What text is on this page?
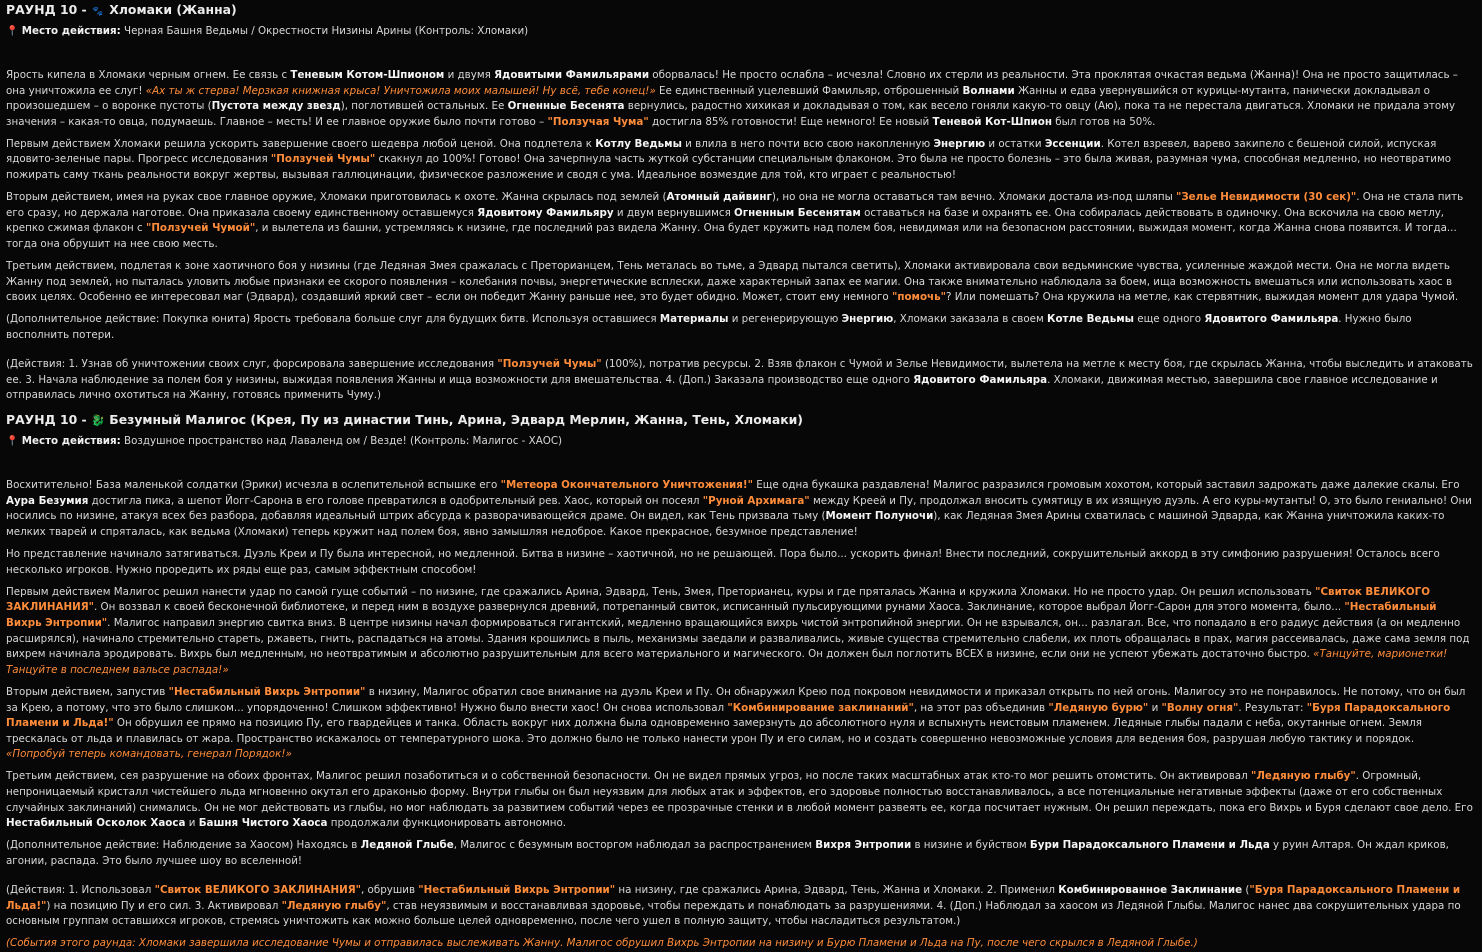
РАУНД 10 - 🐾 Хломаки (Жанна)
📍 Место действия: Черная Башня Ведьмы / Окрестности Низины Арины (Контроль: Хломаки)

Ярость кипела в Хломаки черным огнем. Ее связь с Теневым Котом-Шпионом и двумя Ядовитыми Фамильярами оборвалась! Не просто ослабла – исчезла! Словно их стерли из реальности. Эта проклятая очкастая ведьма (Жанна)! Она не просто защитилась – она уничтожила ее слуг! «Ах ты ж стерва! Мерзкая книжная крыса! Уничтожила моих малышей! Ну всё, тебе конец!» Ее единственный уцелевший Фамильяр, отброшенный Волнами Жанны и едва увернувшийся от курицы-мутанта, панически докладывал о произошедшем – о воронке пустоты (Пустота между звезд), поглотившей остальных. Ее Огненные Бесенята вернулись, радостно хихикая и докладывая о том, как весело гоняли какую-то овцу (Аю), пока та не перестала двигаться. Хломаки не придала этому значения – какая-то овца, подумаешь. Главное – месть! И ее главное оружие было почти готово – "Ползучая Чума" достигла 85% готовности! Еще немного! Ее новый Теневой Кот-Шпион был готов на 50%.

Первым действием Хломаки решила ускорить завершение своего шедевра любой ценой. Она подлетела к Котлу Ведьмы и влила в него почти всю свою накопленную Энергию и остатки Эссенции. Котел взревел, варево закипело с бешеной силой, испуская ядовито-зеленые пары. Прогресс исследования "Ползучей Чумы" скакнул до 100%! Готово! Она зачерпнула часть жуткой субстанции специальным флаконом. Это была не просто болезнь – это была живая, разумная чума, способная медленно, но неотвратимо пожирать саму ткань реальности вокруг жертвы, вызывая галлюцинации, физическое разложение и сводя с ума. Идеальное возмездие для той, кто играет с реальностью!

Вторым действием, имея на руках свое главное оружие, Хломаки приготовилась к охоте. Жанна скрылась под землей (Атомный дайвинг), но она не могла оставаться там вечно. Хломаки достала из-под шляпы "Зелье Невидимости (30 сек)". Она не стала пить его сразу, но держала наготове. Она приказала своему единственному оставшемуся Ядовитому Фамильяру и двум вернувшимся Огненным Бесенятам оставаться на базе и охранять ее. Она собиралась действовать в одиночку. Она вскочила на свою метлу, крепко сжимая флакон с "Ползучей Чумой", и вылетела из башни, устремляясь к низине, где последний раз видела Жанну. Она будет кружить над полем боя, невидимая или на безопасном расстоянии, выжидая момент, когда Жанна снова появится. И тогда... тогда она обрушит на нее свою месть.

Третьим действием, подлетая к зоне хаотичного боя у низины (где Ледяная Змея сражалась с Преторианцем, Тень металась во тьме, а Эдвард пытался светить), Хломаки активировала свои ведьминские чувства, усиленные жаждой мести. Она не могла видеть Жанну под землей, но пыталась уловить любые признаки ее скорого появления – колебания почвы, энергетические всплески, даже характерный запах ее магии. Она также внимательно наблюдала за боем, ища возможность вмешаться или использовать хаос в своих целях. Особенно ее интересовал маг (Эдвард), создавший яркий свет – если он победит Жанну раньше нее, это будет обидно. Может, стоит ему немного "помочь"? Или помешать? Она кружила на метле, как стервятник, выжидая момент для удара Чумой.

(Дополнительное действие: Покупка юнита) Ярость требовала больше слуг для будущих битв. Используя оставшиеся Материалы и регенерирующую Энергию, Хломаки заказала в своем Котле Ведьмы еще одного Ядовитого Фамильяра. Нужно было восполнить потери.

(Действия: 1. Узнав об уничтожении своих слуг, форсировала завершение исследования "Ползучей Чумы" (100%), потратив ресурсы. 2. Взяв флакон с Чумой и Зелье Невидимости, вылетела на метле к месту боя, где скрылась Жанна, чтобы выследить и атаковать ее. 3. Начала наблюдение за полем боя у низины, выжидая появления Жанны и ища возможности для вмешательства. 4. (Доп.) Заказала производство еще одного Ядовитого Фамильяра. Хломаки, движимая местью, завершила свое главное исследование и отправилась лично охотиться на Жанну, готовясь применить Чуму.)

РАУНД 10 - 🐉 Безумный Малигос (Крея, Пу из династии Тинь, Арина, Эдвард Мерлин, Жанна, Тень, Хломаки)
📍 Место действия: Воздушное пространство над Лаваленд ом / Везде! (Контроль: Малигос - ХАОС)

Восхитительно! База маленькой солдатки (Эрики) исчезла в ослепительной вспышке его "Метеора Окончательного Уничтожения!" Еще одна букашка раздавлена! Малигос разразился громовым хохотом, который заставил задрожать даже далекие скалы. Его Аура Безумия достигла пика, а шепот Йогг-Сарона в его голове превратился в одобрительный рев. Хаос, который он посеял "Руной Архимага" между Креей и Пу, продолжал вносить сумятицу в их изящную дуэль. А его куры-мутанты! О, это было гениально! Они носились по низине, атакуя всех без разбора, добавляя идеальный штрих абсурда к разворачивающейся драме. Он видел, как Тень призвала тьму (Момент Полуночи), как Ледяная Змея Арины схватилась с машиной Эдварда, как Жанна уничтожила каких-то мелких тварей и спряталась, как ведьма (Хломаки) теперь кружит над полем боя, явно замышляя недоброе. Какое прекрасное, безумное представление!

Но представление начинало затягиваться. Дуэль Креи и Пу была интересной, но медленной. Битва в низине – хаотичной, но не решающей. Пора было... ускорить финал! Внести последний, сокрушительный аккорд в эту симфонию разрушения! Осталось всего несколько игроков. Нужно проредить их ряды еще раз, самым эффектным способом!

Первым действием Малигос решил нанести удар по самой гуще событий – по низине, где сражались Арина, Эдвард, Тень, Змея, Преторианец, куры и где пряталась Жанна и кружила Хломаки. Но не просто удар. Он решил использовать "Свиток ВЕЛИКОГО ЗАКЛИНАНИЯ". Он воззвал к своей бесконечной библиотеке, и перед ним в воздухе развернулся древний, потрепанный свиток, исписанный пульсирующими рунами Хаоса. Заклинание, которое выбрал Йогг-Сарон для этого момента, было... "Нестабильный Вихрь Энтропии". Малигос направил энергию свитка вниз. В центре низины начал формироваться гигантский, медленно вращающийся вихрь чистой энтропийной энергии. Он не взрывался, он... разлагал. Все, что попадало в его радиус действия (а он медленно расширялся), начинало стремительно стареть, ржаветь, гнить, распадаться на атомы. Здания крошились в пыль, механизмы заедали и разваливались, живые существа стремительно слабели, их плоть обращалась в прах, магия рассеивалась, даже сама земля под вихрем начинала эродировать. Вихрь был медленным, но неотвратимым и абсолютно разрушительным для всего материального и магического. Он должен был поглотить ВСЕХ в низине, если они не успеют убежать достаточно быстро. «Танцуйте, марионетки! Танцуйте в последнем вальсе распада!»

Вторым действием, запустив "Нестабильный Вихрь Энтропии" в низину, Малигос обратил свое внимание на дуэль Креи и Пу. Он обнаружил Крею под покровом невидимости и приказал открыть по ней огонь. Малигосу это не понравилось. Не потому, что он был за Крею, а потому, что это было слишком... упорядоченно! Слишком эффективно! Нужно было внести хаос! Он снова использовал "Комбинирование заклинаний", на этот раз объединив "Ледяную бурю" и "Волну огня". Результат: "Буря Парадоксального Пламени и Льда!" Он обрушил ее прямо на позицию Пу, его гвардейцев и танка. Область вокруг них должна была одновременно замерзнуть до абсолютного нуля и вспыхнуть неистовым пламенем. Ледяные глыбы падали с неба, окутанные огнем. Земля трескалась от льда и плавилась от жара. Пространство искажалось от температурного шока. Это должно было не только нанести урон Пу и его силам, но и создать совершенно невозможные условия для ведения боя, разрушая любую тактику и порядок. «Попробуй теперь командовать, генерал Порядок!»

Третьим действием, сея разрушение на обоих фронтах, Малигос решил позаботиться и о собственной безопасности. Он не видел прямых угроз, но после таких масштабных атак кто-то мог решить отомстить. Он активировал "Ледяную глыбу". Огромный, непроницаемый кристалл чистейшего льда мгновенно окутал его драконью форму. Внутри глыбы он был неуязвим для любых атак и эффектов, его здоровье полностью восстанавливалось, а все потенциальные негативные эффекты (даже от его собственных случайных заклинаний) снимались. Он не мог действовать из глыбы, но мог наблюдать за развитием событий через ее прозрачные стенки и в любой момент развеять ее, когда посчитает нужным. Он решил переждать, пока его Вихрь и Буря сделают свое дело. Его Нестабильный Осколок Хаоса и Башня Чистого Хаоса продолжали функционировать автономно.

(Дополнительное действие: Наблюдение за Хаосом) Находясь в Ледяной Глыбе, Малигос с безумным восторгом наблюдал за распространением Вихря Энтропии в низине и буйством Бури Парадоксального Пламени и Льда у руин Алтаря. Он ждал криков, агонии, распада. Это было лучшее шоу во вселенной!

(Действия: 1. Использовал "Свиток ВЕЛИКОГО ЗАКЛИНАНИЯ", обрушив "Нестабильный Вихрь Энтропии" на низину, где сражались Арина, Эдвард, Тень, Жанна и Хломаки. 2. Применил Комбинированное Заклинание ("Буря Парадоксального Пламени и Льда!") на позицию Пу и его сил. 3. Активировал "Ледяную глыбу", став неуязвимым и восстанавливая здоровье, чтобы переждать и понаблюдать за разрушениями. 4. (Доп.) Наблюдал за хаосом из Ледяной Глыбы. Малигос нанес два сокрушительных удара по основным группам оставшихся игроков, стремясь уничтожить как можно больше целей одновременно, после чего ушел в полную защиту, чтобы насладиться результатом.)

(События этого раунда: Хломаки завершила исследование Чумы и отправилась выслеживать Жанну. Малигос обрушил Вихрь Энтропии на низину и Бурю Пламени и Льда на Пу, после чего скрылся в Ледяной Глыбе.)
